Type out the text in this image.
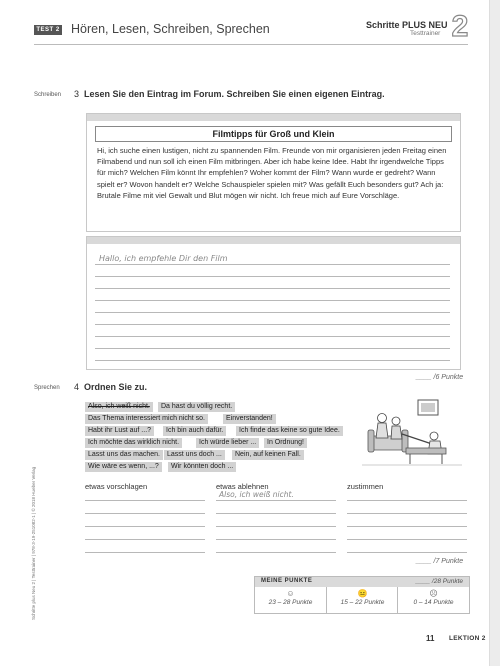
TEST 2 Hören, Lesen, Schreiben, Sprechen	Schritte PLUS NEU
Testtrainer 2
Schreiben 3 Lesen Sie den Eintrag im Forum. Schreiben Sie einen eigenen Eintrag.
Filmtipps für Groß und Klein
Hi, ich suche einen lustigen, nicht zu spannenden Film. Freunde von mir organisieren jeden Freitag einen Filmabend und nun soll ich einen Film mitbringen. Aber ich habe keine Idee. Habt Ihr irgendwelche Tipps für mich? Welchen Film könnt Ihr empfehlen? Woher kommt der Film? Wann wurde er gedreht? Wann spielt er? Wovon handelt er? Welche Schauspieler spielen mit? Was gefällt Euch besonders gut? Ach ja: Brutale Filme mit viel Gewalt und Blut mögen wir nicht. Ich freue mich auf Eure Vorschläge.
Hallo, ich empfehle Dir den Film
____ /6 Punkte
Sprechen 4 Ordnen Sie zu.
Also, ich weiß nicht.	Da hast du völlig recht.
Das Thema interessiert mich nicht so.	Einverstanden!
Habt ihr Lust auf ...?	Ich bin auch dafür.	Ich finde das keine so gute Idee.
Ich möchte das wirklich nicht.	Ich würde lieber ...	In Ordnung!
Lasst uns das machen.	Lasst uns doch ...	Nein, auf keinen Fall.
Wie wäre es wenn, ...?	Wir könnten doch ...
etwas vorschlagen	etwas ablehnen	zustimmen
Also, ich weiß nicht.
____ /7 Punkte
MEINE PUNKTE	____ /28 Punkte
☺
23 – 28 Punkte
😐
15 – 22 Punkte
☹
0 – 14 Punkte
Schritte plus Neu 2 | Testtrainer | 978-3-19-251082-1 | © 2018 Hueber Verlag
11 LEKTION 2
